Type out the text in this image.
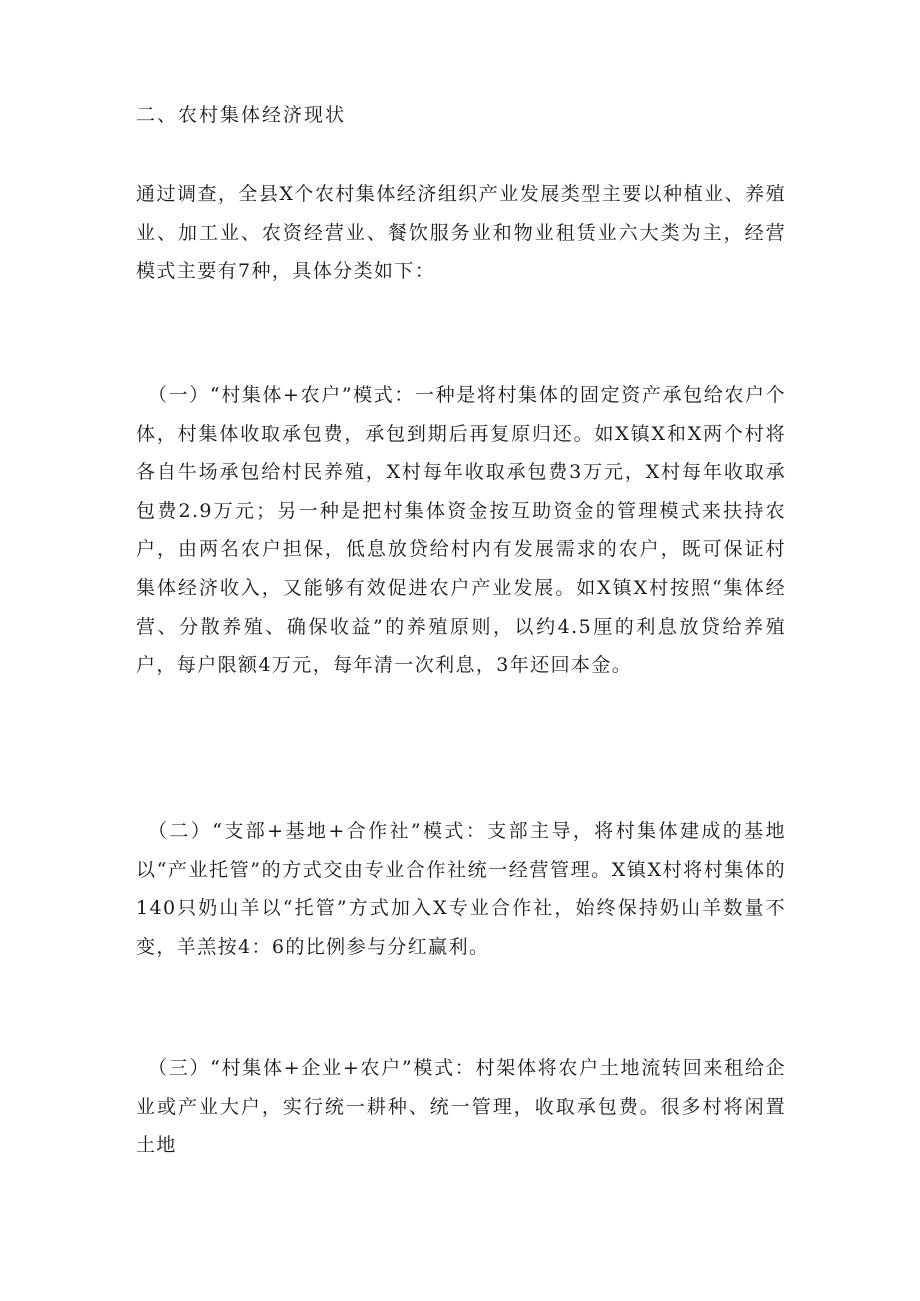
二、农村集体经济现状

通过调查，全县X个农村集体经济组织产业发展类型主要以种植业、养殖业、加工业、农资经营业、餐饮服务业和物业租赁业六大类为主，经营模式主要有7种，具体分类如下：

（一）“村集体+农户”模式：一种是将村集体的固定资产承包给农户个体，村集体收取承包费，承包到期后再复原归还。如X镇X和X两个村将各自牛场承包给村民养殖，X村每年收取承包费3万元，X村每年收取承包费2.9万元；另一种是把村集体资金按互助资金的管理模式来扶持农户，由两名农户担保，低息放贷给村内有发展需求的农户，既可保证村集体经济收入，又能够有效促进农户产业发展。如X镇X村按照“集体经营、分散养殖、确保收益”的养殖原则，以约4.5厘的利息放贷给养殖户，每户限额4万元，每年清一次利息，3年还回本金。

（二）“支部+基地+合作社”模式：支部主导，将村集体建成的基地以“产业托管”的方式交由专业合作社统一经营管理。X镇X村将村集体的140只奶山羊以“托管”方式加入X专业合作社，始终保持奶山羊数量不变，羊羔按4：6的比例参与分红赢利。

（三）“村集体+企业+农户”模式：村架体将农户土地流转回来租给企业或产业大户，实行统一耕种、统一管理，收取承包费。很多村将闲置土地
